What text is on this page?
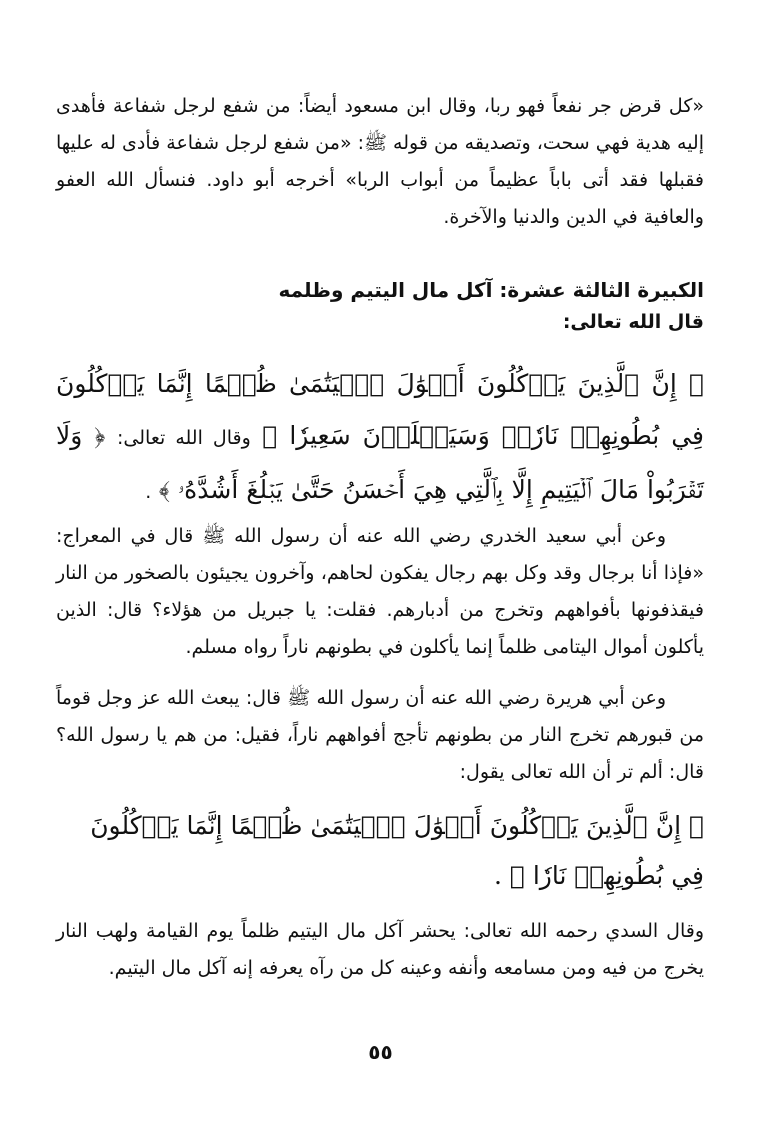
«كل قرض جر نفعاً فهو ربا، وقال ابن مسعود أيضاً: من شفع لرجل شفاعة فأهدى إليه هدية فهي سحت، وتصديقه من قوله ﷺ: «من شفع لرجل شفاعة فأدى له عليها فقبلها فقد أتى باباً عظيماً من أبواب الربا» أخرجه أبو داود. فنسأل الله العفو والعافية في الدين والدنيا والآخرة.

الكبيرة الثالثة عشرة: آكل مال اليتيم وظلمه

قال الله تعالى:

﴿ إِنَّ ٱلَّذِينَ يَأۡكُلُونَ أَمۡوَٰلَ ٱلۡيَتَٰمَىٰ ظُلۡمًا إِنَّمَا يَأۡكُلُونَ فِي بُطُونِهِمۡ نَارٗاۖ وَسَيَصۡلَوۡنَ سَعِيرٗا ﴾ وقال الله تعالى: ﴿ وَلَا تَقۡرَبُواْ مَالَ ٱلۡيَتِيمِ إِلَّا بِٱلَّتِي هِيَ أَحۡسَنُ حَتَّىٰ يَبۡلُغَ أَشُدَّهُۥ ﴾ .

وعن أبي سعيد الخدري رضي الله عنه أن رسول الله ﷺ قال في المعراج: «فإذا أنا برجال وقد وكل بهم رجال يفكون لحاهم، وآخرون يجيئون بالصخور من النار فيقذفونها بأفواههم وتخرج من أدبارهم. فقلت: يا جبريل من هؤلاء؟ قال: الذين يأكلون أموال اليتامى ظلماً إنما يأكلون في بطونهم ناراً رواه مسلم.

وعن أبي هريرة رضي الله عنه أن رسول الله ﷺ قال: يبعث الله عز وجل قوماً من قبورهم تخرج النار من بطونهم تأجج أفواههم ناراً، فقيل: من هم يا رسول الله؟ قال: ألم تر أن الله تعالى يقول:

﴿ إِنَّ ٱلَّذِينَ يَأۡكُلُونَ أَمۡوَٰلَ ٱلۡيَتَٰمَىٰ ظُلۡمًا إِنَّمَا يَأۡكُلُونَ فِي بُطُونِهِمۡ نَارٗا ﴾ .

وقال السدي رحمه الله تعالى: يحشر آكل مال اليتيم ظلماً يوم القيامة ولهب النار يخرج من فيه ومن مسامعه وأنفه وعينه كل من رآه يعرفه إنه آكل مال اليتيم.

٥٥
